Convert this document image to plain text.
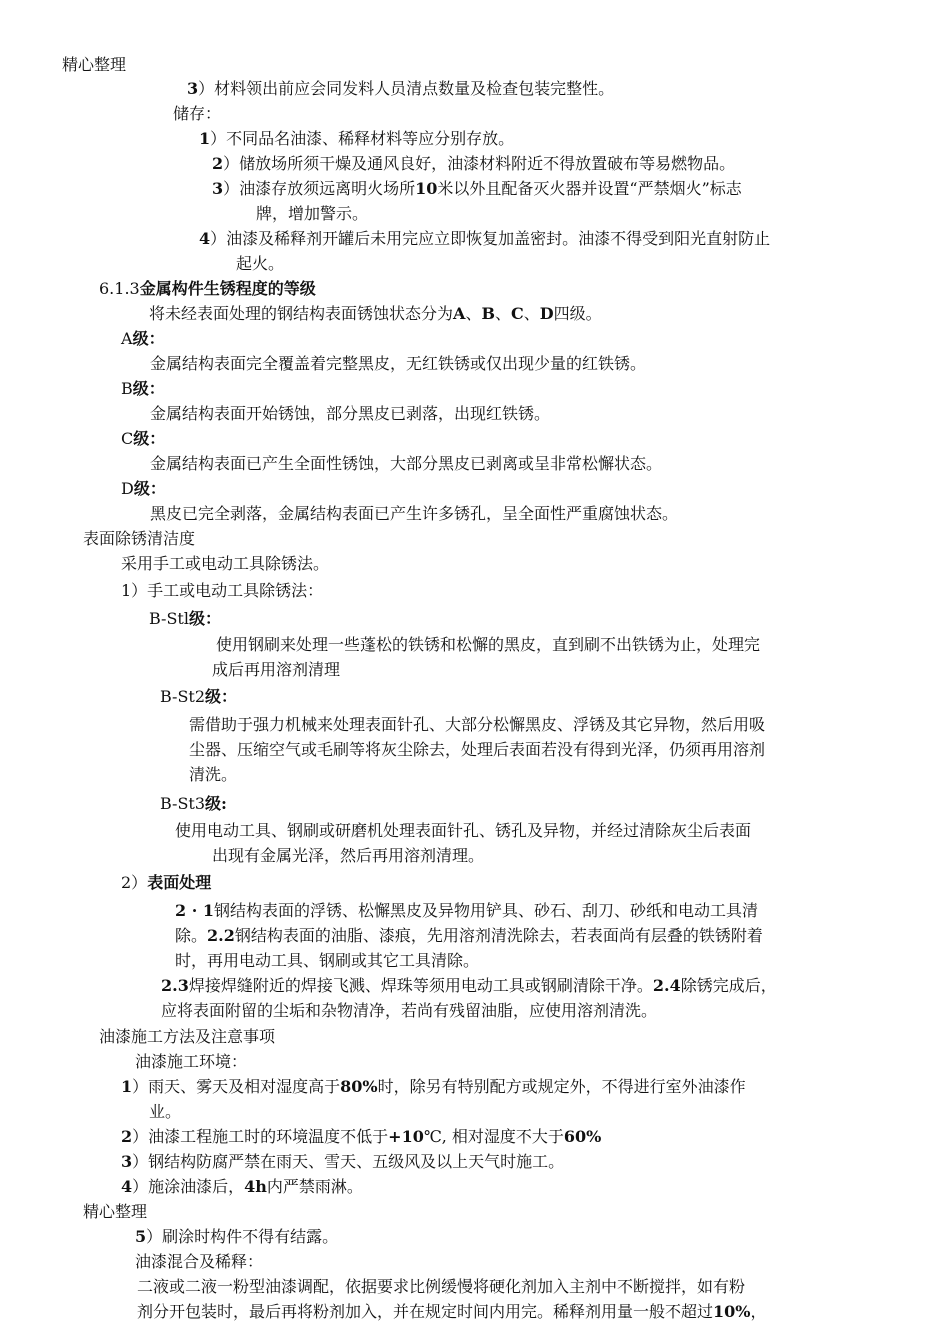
精心整理
3）材料领出前应会同发料人员清点数量及检查包装完整性。
储存：
1）不同品名油漆、稀释材料等应分别存放。
2）储放场所须干燥及通风良好，油漆材料附近不得放置破布等易燃物品。
3）油漆存放须远离明火场所10米以外且配备灭火器并设置“严禁烟火”标志
牌，增加警示。
4）油漆及稀释剂开罐后未用完应立即恢复加盖密封。油漆不得受到阳光直射防止
起火。
6.1.3金属构件生锈程度的等级
将未经表面处理的钢结构表面锈蚀状态分为A、B、C、D四级。
A级：
金属结构表面完全覆盖着完整黑皮，无红铁锈或仅出现少量的红铁锈。
B级：
金属结构表面开始锈蚀，部分黑皮已剥落，出现红铁锈。
C级：
金属结构表面已产生全面性锈蚀，大部分黑皮已剥离或呈非常松懈状态。
D级：
黑皮已完全剥落，金属结构表面已产生许多锈孔，呈全面性严重腐蚀状态。
表面除锈清洁度
采用手工或电动工具除锈法。
1）手工或电动工具除锈法：
B-Stl级：
使用钢刷来处理一些蓬松的铁锈和松懈的黑皮，直到刷不出铁锈为止，处理完
成后再用溶剂清理
B-St2级：
需借助于强力机械来处理表面针孔、大部分松懈黑皮、浮锈及其它异物，然后用吸
尘器、压缩空气或毛刷等将灰尘除去，处理后表面若没有得到光泽，仍须再用溶剂
清洗。
B-St3级:
使用电动工具、钢刷或研磨机处理表面针孔、锈孔及异物，并经过清除灰尘后表面
出现有金属光泽，然后再用溶剂清理。
2）表面处理
2 · 1钢结构表面的浮锈、松懈黑皮及异物用铲具、砂石、刮刀、砂纸和电动工具清
除。2.2钢结构表面的油脂、漆痕，先用溶剂清洗除去，若表面尚有层叠的铁锈附着
时，再用电动工具、钢刷或其它工具清除。
2.3焊接焊缝附近的焊接飞溅、焊珠等须用电动工具或钢刷清除干净。2.4除锈完成后，
应将表面附留的尘垢和杂物清净，若尚有残留油脂，应使用溶剂清洗。
油漆施工方法及注意事项
油漆施工环境：
1）雨天、雾天及相对湿度高于80%时，除另有特别配方或规定外，不得进行室外油漆作
业。
2）油漆工程施工时的环境温度不低于+10℃, 相对湿度不大于60%
3）钢结构防腐严禁在雨天、雪天、五级风及以上天气时施工。
4）施涂油漆后，4h内严禁雨淋。
精心整理
5）刷涂时构件不得有结露。
油漆混合及稀释：
二液或二液一粉型油漆调配，依据要求比例缓慢将硬化剂加入主剂中不断搅拌，如有粉
剂分开包装时，最后再将粉剂加入，并在规定时间内用完。稀释剂用量一般不超过10%，
